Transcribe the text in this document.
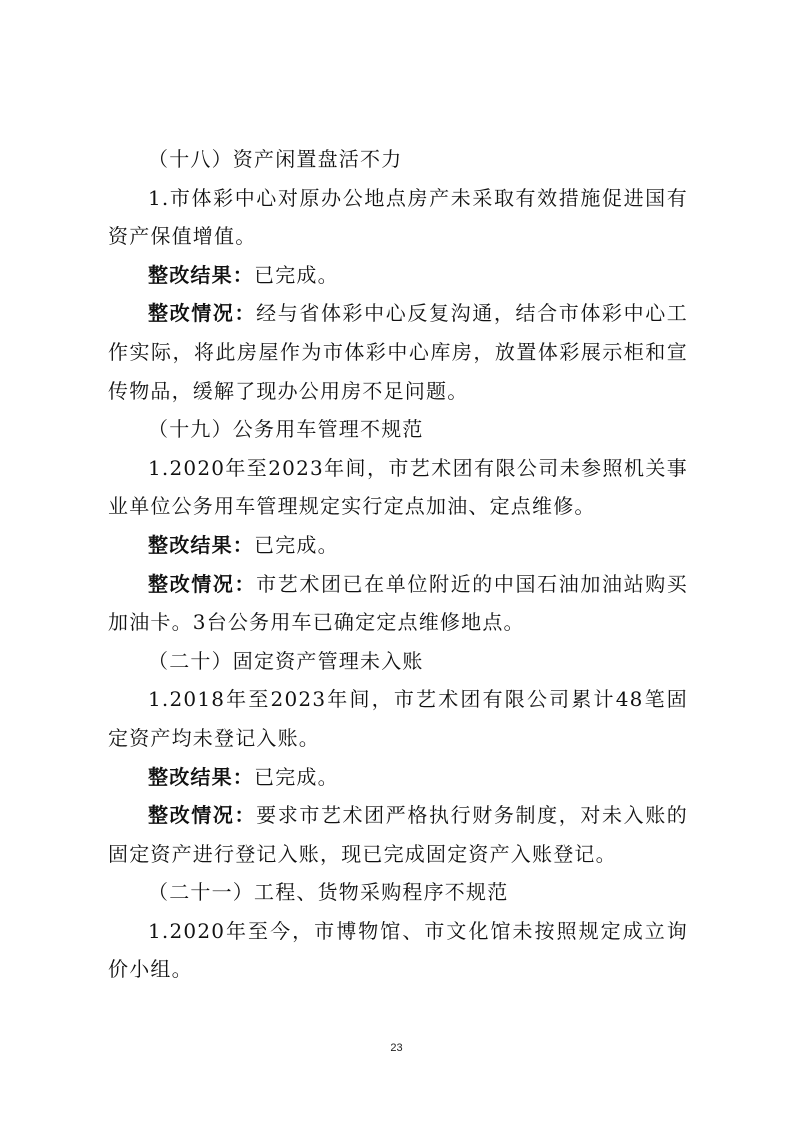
（十八）资产闲置盘活不力

1.市体彩中心对原办公地点房产未采取有效措施促进国有资产保值增值。

整改结果：已完成。

整改情况：经与省体彩中心反复沟通，结合市体彩中心工作实际，将此房屋作为市体彩中心库房，放置体彩展示柜和宣传物品，缓解了现办公用房不足问题。

（十九）公务用车管理不规范

1.2020年至2023年间，市艺术团有限公司未参照机关事业单位公务用车管理规定实行定点加油、定点维修。

整改结果：已完成。

整改情况：市艺术团已在单位附近的中国石油加油站购买加油卡。3台公务用车已确定定点维修地点。

（二十）固定资产管理未入账

1.2018年至2023年间，市艺术团有限公司累计48笔固定资产均未登记入账。

整改结果：已完成。

整改情况：要求市艺术团严格执行财务制度，对未入账的固定资产进行登记入账，现已完成固定资产入账登记。

（二十一）工程、货物采购程序不规范

1.2020年至今，市博物馆、市文化馆未按照规定成立询价小组。

23
